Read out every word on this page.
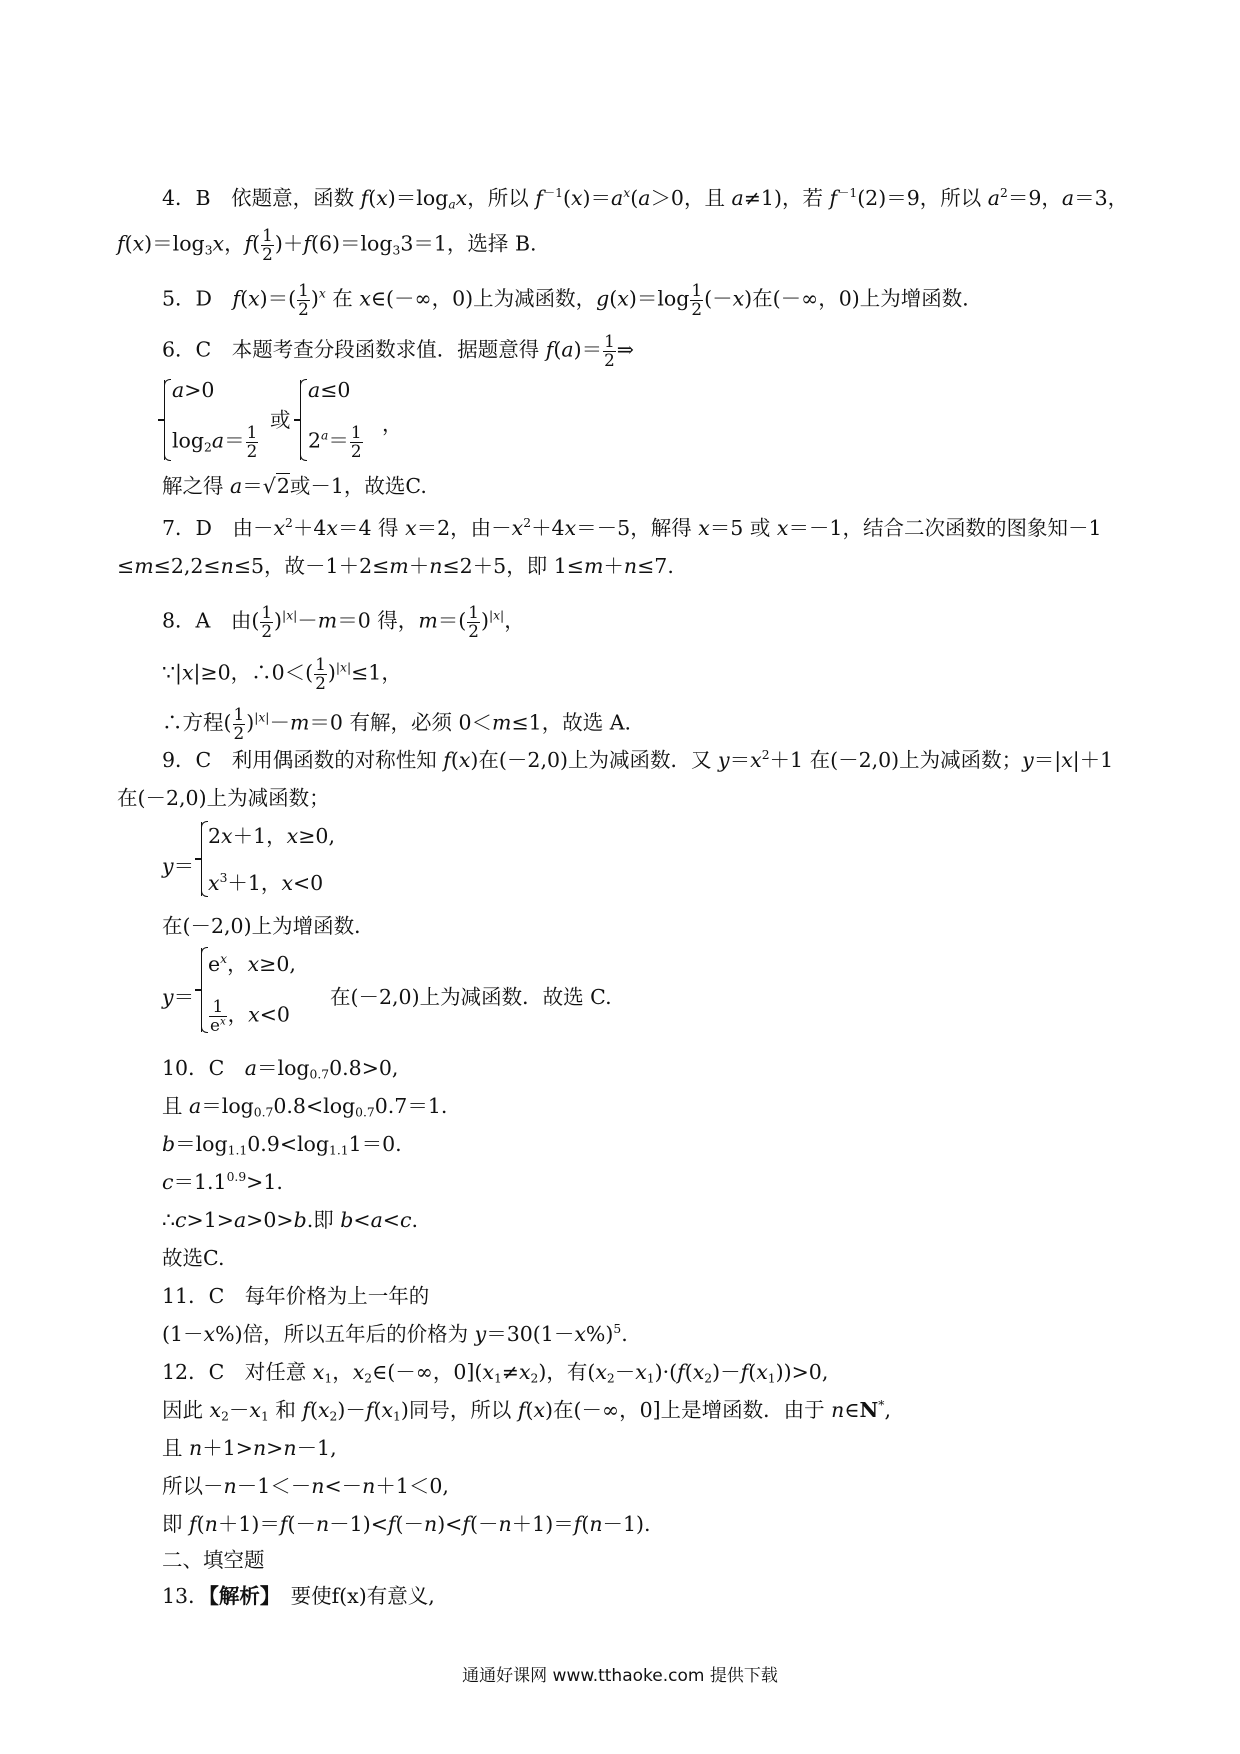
4．B　依题意，函数 $f(x)=\log_ax$，所以 $f^{-1}(x)=a^x(a>0$，且 a≠1)，若 $f^{-1}(2)=9$，所以 $a^2=9$，a＝3，
$f(x)=\log_3x$，$f( \frac{1}{2} )+f(6)=\log_33=1$，选择 B.
5．D　$f(x)=( \frac{1}{2} )^x$ 在 x∈(－∞，0)上为减函数，$g(x)=\log \frac{1}{2} (-x)$在(－∞，0)上为增函数．
6．C　本题考查分段函数求值．据题意得 $f(a)= \frac{1}{2}$ ⇒
a>0
$\log_2a= \frac{1}{2}$
或
a≤0
$2^a= \frac{1}{2}$ ，
解之得 a＝√2或－1，故选C.
7．D　由$-x^2+4x=4$ 得 x＝2，由$-x^2+4x=-5$，解得 x＝5 或 x＝－1，结合二次函数的图象知－1
≤m≤2,2≤n≤5，故－1＋2≤m＋n≤2＋5，即 1≤m＋n≤7.
8．A　由( $\frac{1}{2} )^{|x|}-m=0$ 得，$m=( \frac{1}{2} )^{|x|}$，
∵|x|≥0，∴0＜( $\frac{1}{2} )^{|x|}\le 1$，
∴方程( $\frac{1}{2} )^{|x|}-m=0$ 有解，必须 0＜m≤1，故选 A.
9．C　利用偶函数的对称性知 f(x)在(－2,0)上为减函数．又 $y=x^2+1$ 在(－2,0)上为减函数；y＝|x|＋1
在(－2,0)上为减函数；
y＝
2x＋1，x≥0,
$x^3+1$，x<0
在(－2,0)上为增函数．
y＝
$e^x$，x≥0,
$\frac{1}{e^x}$ ，x<0
在(－2,0)上为减函数．故选 C.
10．C　$a=\log_{0.7}0.8>0$,
且 $a=\log_{0.7}0.8<\log_{0.7}0.7=1$.
$b=\log_{1.1}0.9<\log_{1.1}1=0$.
$c=1.1^{0.9}>1$.
∴c>1>a>0>b.即 b<a<c.
故选C.
11．C　每年价格为上一年的
(1－x%)倍，所以五年后的价格为 $y=30(1-x\%)^5$.
12．C　对任意 $x_1$，$x_2\in(-\infty$，$0](x_1\ne x_2)$，有$(x_2-x_1)\cdot(f(x_2)-f(x_1))>0$,
因此 $x_2-x_1$ 和 $f(x_2)-f(x_1)$同号，所以 f(x)在(－∞，0]上是增函数．由于 n∈N*,
且 n＋1>n>n－1,
所以－n－1＜－n<－n＋1＜0,
即 f(n＋1)＝f(－n－1)<f(－n)<f(－n＋1)＝f(n－1).
二、填空题
13．【解析】　 要使f(x)有意义,
通通好课网 www.tthaoke.com 提供下载
